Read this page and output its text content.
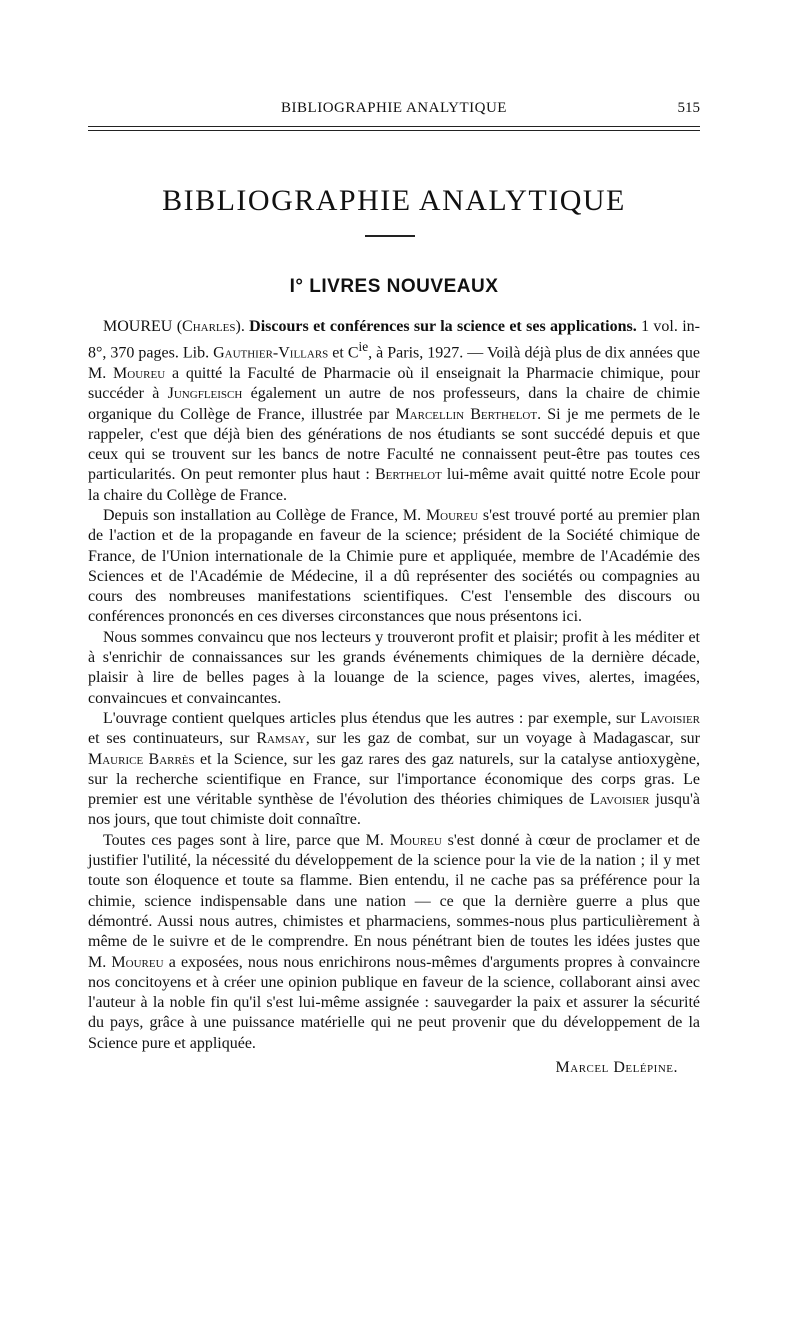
BIBLIOGRAPHIE ANALYTIQUE	515
BIBLIOGRAPHIE ANALYTIQUE
I° LIVRES NOUVEAUX

MOUREU (Charles). Discours et conférences sur la science et ses applications. 1 vol. in-8°, 370 pages. Lib. Gauthier-Villars et $C^{ie}$, à Paris, 1927. — Voilà déjà plus de dix années que M. Moureu a quitté la Faculté de Pharmacie où il enseignait la Pharmacie chimique, pour succéder à Jungfleisch également un autre de nos professeurs, dans la chaire de chimie organique du Collège de France, illustrée par Marcellin Berthelot. Si je me permets de le rappeler, c'est que déjà bien des générations de nos étudiants se sont succédé depuis et que ceux qui se trouvent sur les bancs de notre Faculté ne connaissent peut-être pas toutes ces particularités. On peut remonter plus haut : Berthelot lui-même avait quitté notre Ecole pour la chaire du Collège de France.

Depuis son installation au Collège de France, M. Moureu s'est trouvé porté au premier plan de l'action et de la propagande en faveur de la science; président de la Société chimique de France, de l'Union internationale de la Chimie pure et appliquée, membre de l'Académie des Sciences et de l'Académie de Médecine, il a dû représenter des sociétés ou compagnies au cours des nombreuses manifestations scientifiques. C'est l'ensemble des discours ou conférences prononcés en ces diverses circonstances que nous présentons ici.

Nous sommes convaincu que nos lecteurs y trouveront profit et plaisir; profit à les méditer et à s'enrichir de connaissances sur les grands événements chimiques de la dernière décade, plaisir à lire de belles pages à la louange de la science, pages vives, alertes, imagées, convaincues et convaincantes.

L'ouvrage contient quelques articles plus étendus que les autres : par exemple, sur Lavoisier et ses continuateurs, sur Ramsay, sur les gaz de combat, sur un voyage à Madagascar, sur Maurice Barrès et la Science, sur les gaz rares des gaz naturels, sur la catalyse antioxygène, sur la recherche scientifique en France, sur l'importance économique des corps gras. Le premier est une véritable synthèse de l'évolution des théories chimiques de Lavoisier jusqu'à nos jours, que tout chimiste doit connaître.

Toutes ces pages sont à lire, parce que M. Moureu s'est donné à cœur de proclamer et de justifier l'utilité, la nécessité du développement de la science pour la vie de la nation ; il y met toute son éloquence et toute sa flamme. Bien entendu, il ne cache pas sa préférence pour la chimie, science indispensable dans une nation — ce que la dernière guerre a plus que démontré. Aussi nous autres, chimistes et pharmaciens, sommes-nous plus particulièrement à même de le suivre et de le comprendre. En nous pénétrant bien de toutes les idées justes que M. Moureu a exposées, nous nous enrichirons nous-mêmes d'arguments propres à convaincre nos concitoyens et à créer une opinion publique en faveur de la science, collaborant ainsi avec l'auteur à la noble fin qu'il s'est lui-même assignée : sauvegarder la paix et assurer la sécurité du pays, grâce à une puissance matérielle qui ne peut provenir que du développement de la Science pure et appliquée.

Marcel Delépine.
